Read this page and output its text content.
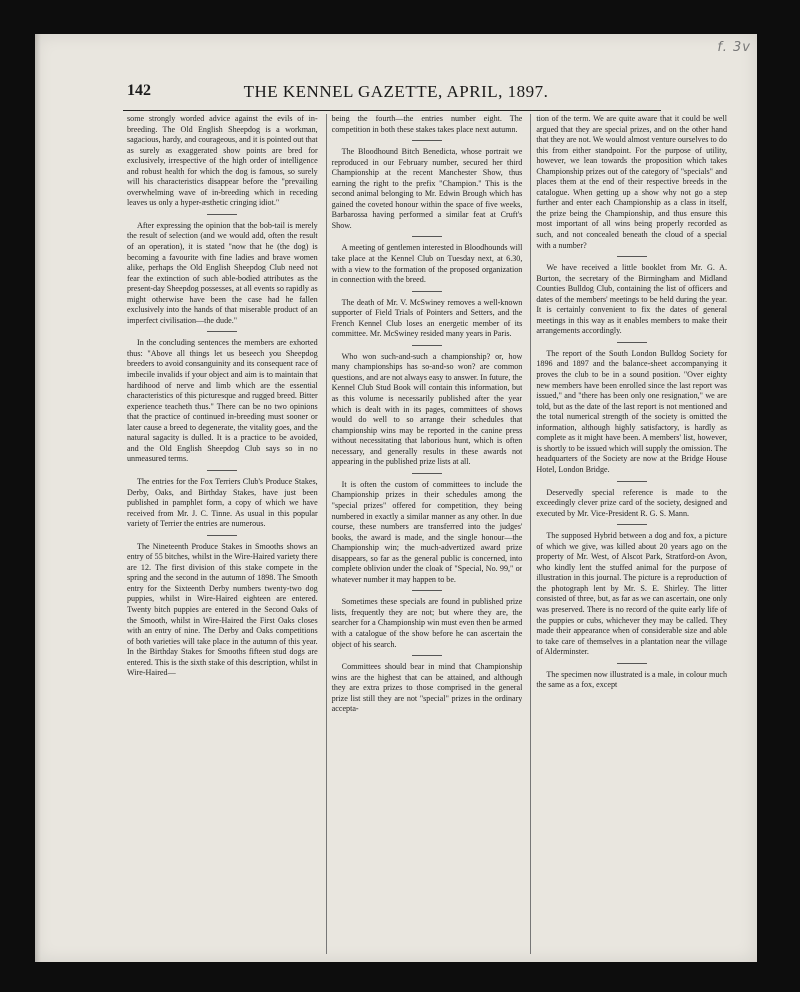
f. 3v
142	THE KENNEL GAZETTE, APRIL, 1897.

some strongly worded advice against the evils of in-breeding. The Old English Sheepdog is a workman, sagacious, hardy, and courageous, and it is pointed out that as surely as exaggerated show points are bred for exclusively, irrespective of the high order of intelligence and robust health for which the dog is famous, so surely will his characteristics disappear before the "prevailing overwhelming wave of in-breeding which in receding leaves us only a hyper-æsthetic cringing idiot."

After expressing the opinion that the bob-tail is merely the result of selection (and we would add, often the result of an operation), it is stated "now that he (the dog) is becoming a favourite with fine ladies and brave women alike, perhaps the Old English Sheepdog Club need not fear the extinction of such able-bodied attributes as the present-day Sheepdog possesses, at all events so rapidly as might otherwise have been the case had he fallen exclusively into the hands of that miserable product of an imperfect civilisation—the dude."

In the concluding sentences the members are exhorted thus: "Above all things let us beseech you Sheepdog breeders to avoid consanguinity and its consequent race of imbecile invalids if your object and aim is to maintain that hardihood of nerve and limb which are the essential characteristics of this picturesque and rugged breed. Bitter experience teacheth thus." There can be no two opinions that the practice of continued in-breeding must sooner or later cause a breed to degenerate, the vitality goes, and the natural sagacity is dulled. It is a practice to be avoided, and the Old English Sheepdog Club says so in no unmeasured terms.

The entries for the Fox Terriers Club's Produce Stakes, Derby, Oaks, and Birthday Stakes, have just been published in pamphlet form, a copy of which we have received from Mr. J. C. Tinne. As usual in this popular variety of Terrier the entries are numerous.

The Nineteenth Produce Stakes in Smooths shows an entry of 55 bitches, whilst in the Wire-Haired variety there are 12. The first division of this stake compete in the spring and the second in the autumn of 1898. The Smooth entry for the Sixteenth Derby numbers twenty-two dog puppies, whilst in Wire-Haired eighteen are entered. Twenty bitch puppies are entered in the Second Oaks of the Smooth, whilst in Wire-Haired the First Oaks closes with an entry of nine. The Derby and Oaks competitions of both varieties will take place in the autumn of this year. In the Birthday Stakes for Smooths fifteen stud dogs are entered. This is the sixth stake of this description, whilst in Wire-Haired—

being the fourth—the entries number eight. The competition in both these stakes takes place next autumn.

The Bloodhound Bitch Benedicta, whose portrait we reproduced in our February number, secured her third Championship at the recent Manchester Show, thus earning the right to the prefix "Champion." This is the second animal belonging to Mr. Edwin Brough which has gained the coveted honour within the space of five weeks, Barbarossa having performed a similar feat at Cruft's Show.

A meeting of gentlemen interested in Bloodhounds will take place at the Kennel Club on Tuesday next, at 6.30, with a view to the formation of the proposed organization in connection with the breed.

The death of Mr. V. McSwiney removes a well-known supporter of Field Trials of Pointers and Setters, and the French Kennel Club loses an energetic member of its committee. Mr. McSwiney resided many years in Paris.

Who won such-and-such a championship? or, how many championships has so-and-so won? are common questions, and are not always easy to answer. In future, the Kennel Club Stud Book will contain this information, but as this volume is necessarily published after the year which is dealt with in its pages, committees of shows would do well to so arrange their schedules that championship wins may be reported in the canine press without necessitating that laborious hunt, which is often necessary, and generally results in these awards not appearing in the published prize lists at all.

It is often the custom of committees to include the Championship prizes in their schedules among the "special prizes" offered for competition, they being numbered in exactly a similar manner as any other. In due course, these numbers are transferred into the judges' books, the award is made, and the single honour—the Championship win; the much-advertized award prize disappears, so far as the general public is concerned, into complete oblivion under the cloak of "Special, No. 99," or whatever number it may happen to be.

Sometimes these specials are found in published prize lists, frequently they are not; but where they are, the searcher for a Championship win must even then be armed with a catalogue of the show before he can ascertain the object of his search.

Committees should bear in mind that Championship wins are the highest that can be attained, and although they are extra prizes to those comprised in the general prize list still they are not "special" prizes in the ordinary accepta-

tion of the term. We are quite aware that it could be well argued that they are special prizes, and on the other hand that they are not. We would almost venture ourselves to do this from either standpoint. For the purpose of utility, however, we lean towards the proposition which takes Championship prizes out of the category of "specials" and places them at the end of their respective breeds in the catalogue. When getting up a show why not go a step further and enter each Championship as a class in itself, the prize being the Championship, and thus ensure this most important of all wins being properly recorded as such, and not concealed beneath the cloud of a special with a number?

We have received a little booklet from Mr. G. A. Burton, the secretary of the Birmingham and Midland Counties Bulldog Club, containing the list of officers and dates of the members' meetings to be held during the year. It is certainly convenient to fix the dates of general meetings in this way as it enables members to make their arrangements accordingly.

The report of the South London Bulldog Society for 1896 and 1897 and the balance-sheet accompanying it proves the club to be in a sound position. "Over eighty new members have been enrolled since the last report was issued," and "there has been only one resignation," we are told, but as the date of the last report is not mentioned and the total numerical strength of the society is omitted the information, although highly satisfactory, is hardly as complete as it might have been. A members' list, however, is shortly to be issued which will supply the omission. The headquarters of the Society are now at the Bridge House Hotel, London Bridge.

Deservedly special reference is made to the exceedingly clever prize card of the society, designed and executed by Mr. Vice-President R. G. S. Mann.

The supposed Hybrid between a dog and fox, a picture of which we give, was killed about 20 years ago on the property of Mr. West, of Alscot Park, Stratford-on Avon, who kindly lent the stuffed animal for the purpose of illustration in this journal. The picture is a reproduction of the photograph lent by Mr. S. E. Shirley. The litter consisted of three, but, as far as we can ascertain, one only was preserved. There is no record of the quite early life of the puppies or cubs, whichever they may be called. They made their appearance when of considerable size and able to take care of themselves in a plantation near the village of Alderminster.

The specimen now illustrated is a male, in colour much the same as a fox, except
